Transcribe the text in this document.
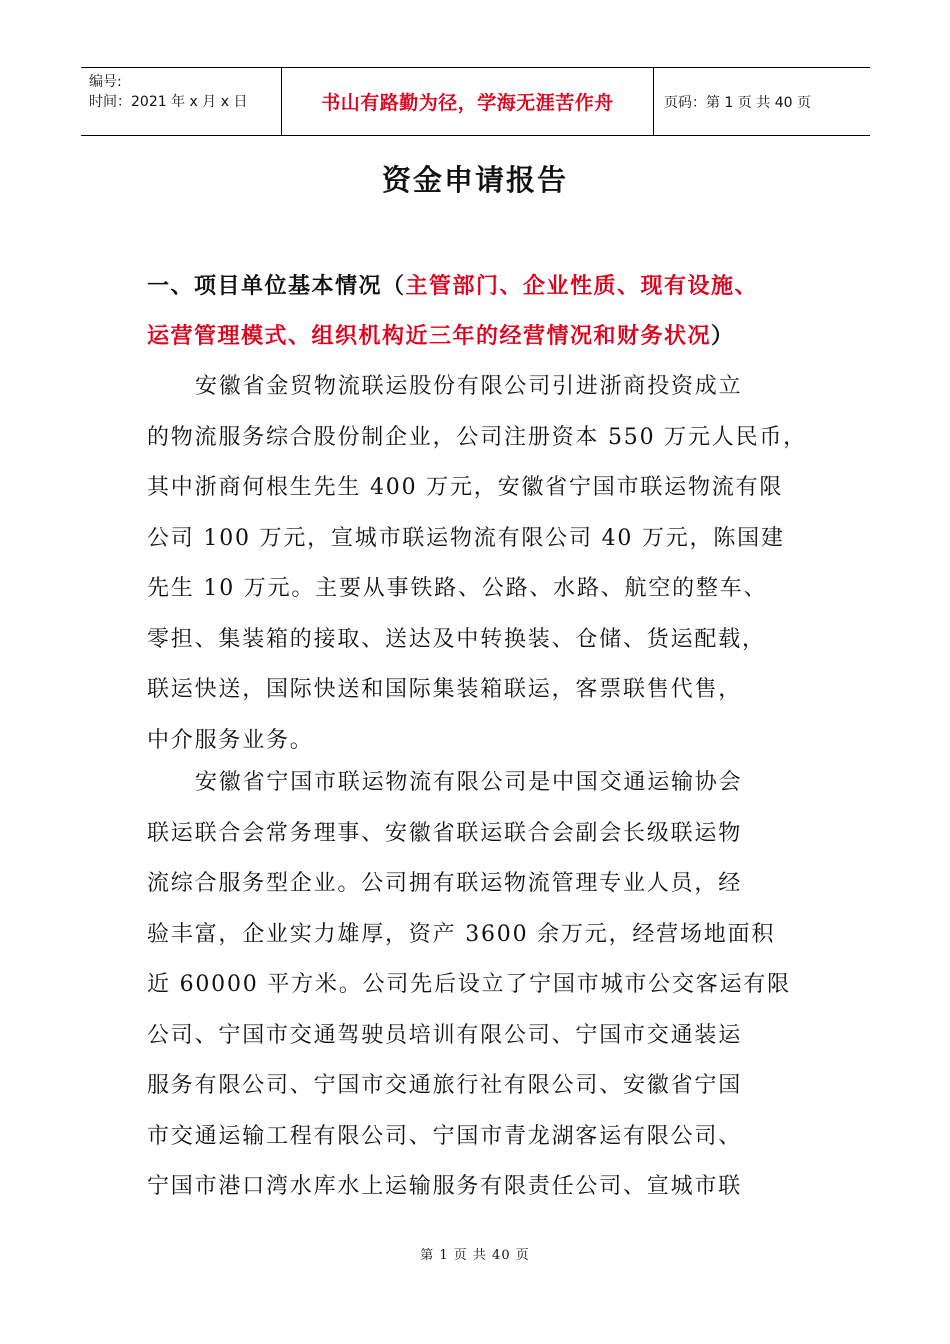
编号:
时间：2021 年 x 月 x 日	书山有路勤为径，学海无涯苦作舟	页码：第 1 页 共 40 页
资金申请报告
一、项目单位基本情况（主管部门、企业性质、现有设施、
运营管理模式、组织机构近三年的经营情况和财务状况）
安徽省金贸物流联运股份有限公司引进浙商投资成立
的物流服务综合股份制企业，公司注册资本 550 万元人民币，
其中浙商何根生先生 400 万元，安徽省宁国市联运物流有限
公司 100 万元，宣城市联运物流有限公司 40 万元，陈国建
先生 10 万元。主要从事铁路、公路、水路、航空的整车、
零担、集装箱的接取、送达及中转换装、仓储、货运配载，
联运快送，国际快送和国际集装箱联运，客票联售代售，
中介服务业务。
安徽省宁国市联运物流有限公司是中国交通运输协会
联运联合会常务理事、安徽省联运联合会副会长级联运物
流综合服务型企业。公司拥有联运物流管理专业人员，经
验丰富，企业实力雄厚，资产 3600 余万元，经营场地面积
近 60000 平方米。公司先后设立了宁国市城市公交客运有限
公司、宁国市交通驾驶员培训有限公司、宁国市交通装运
服务有限公司、宁国市交通旅行社有限公司、安徽省宁国
市交通运输工程有限公司、宁国市青龙湖客运有限公司、
宁国市港口湾水库水上运输服务有限责任公司、宣城市联
第 1 页 共 40 页
